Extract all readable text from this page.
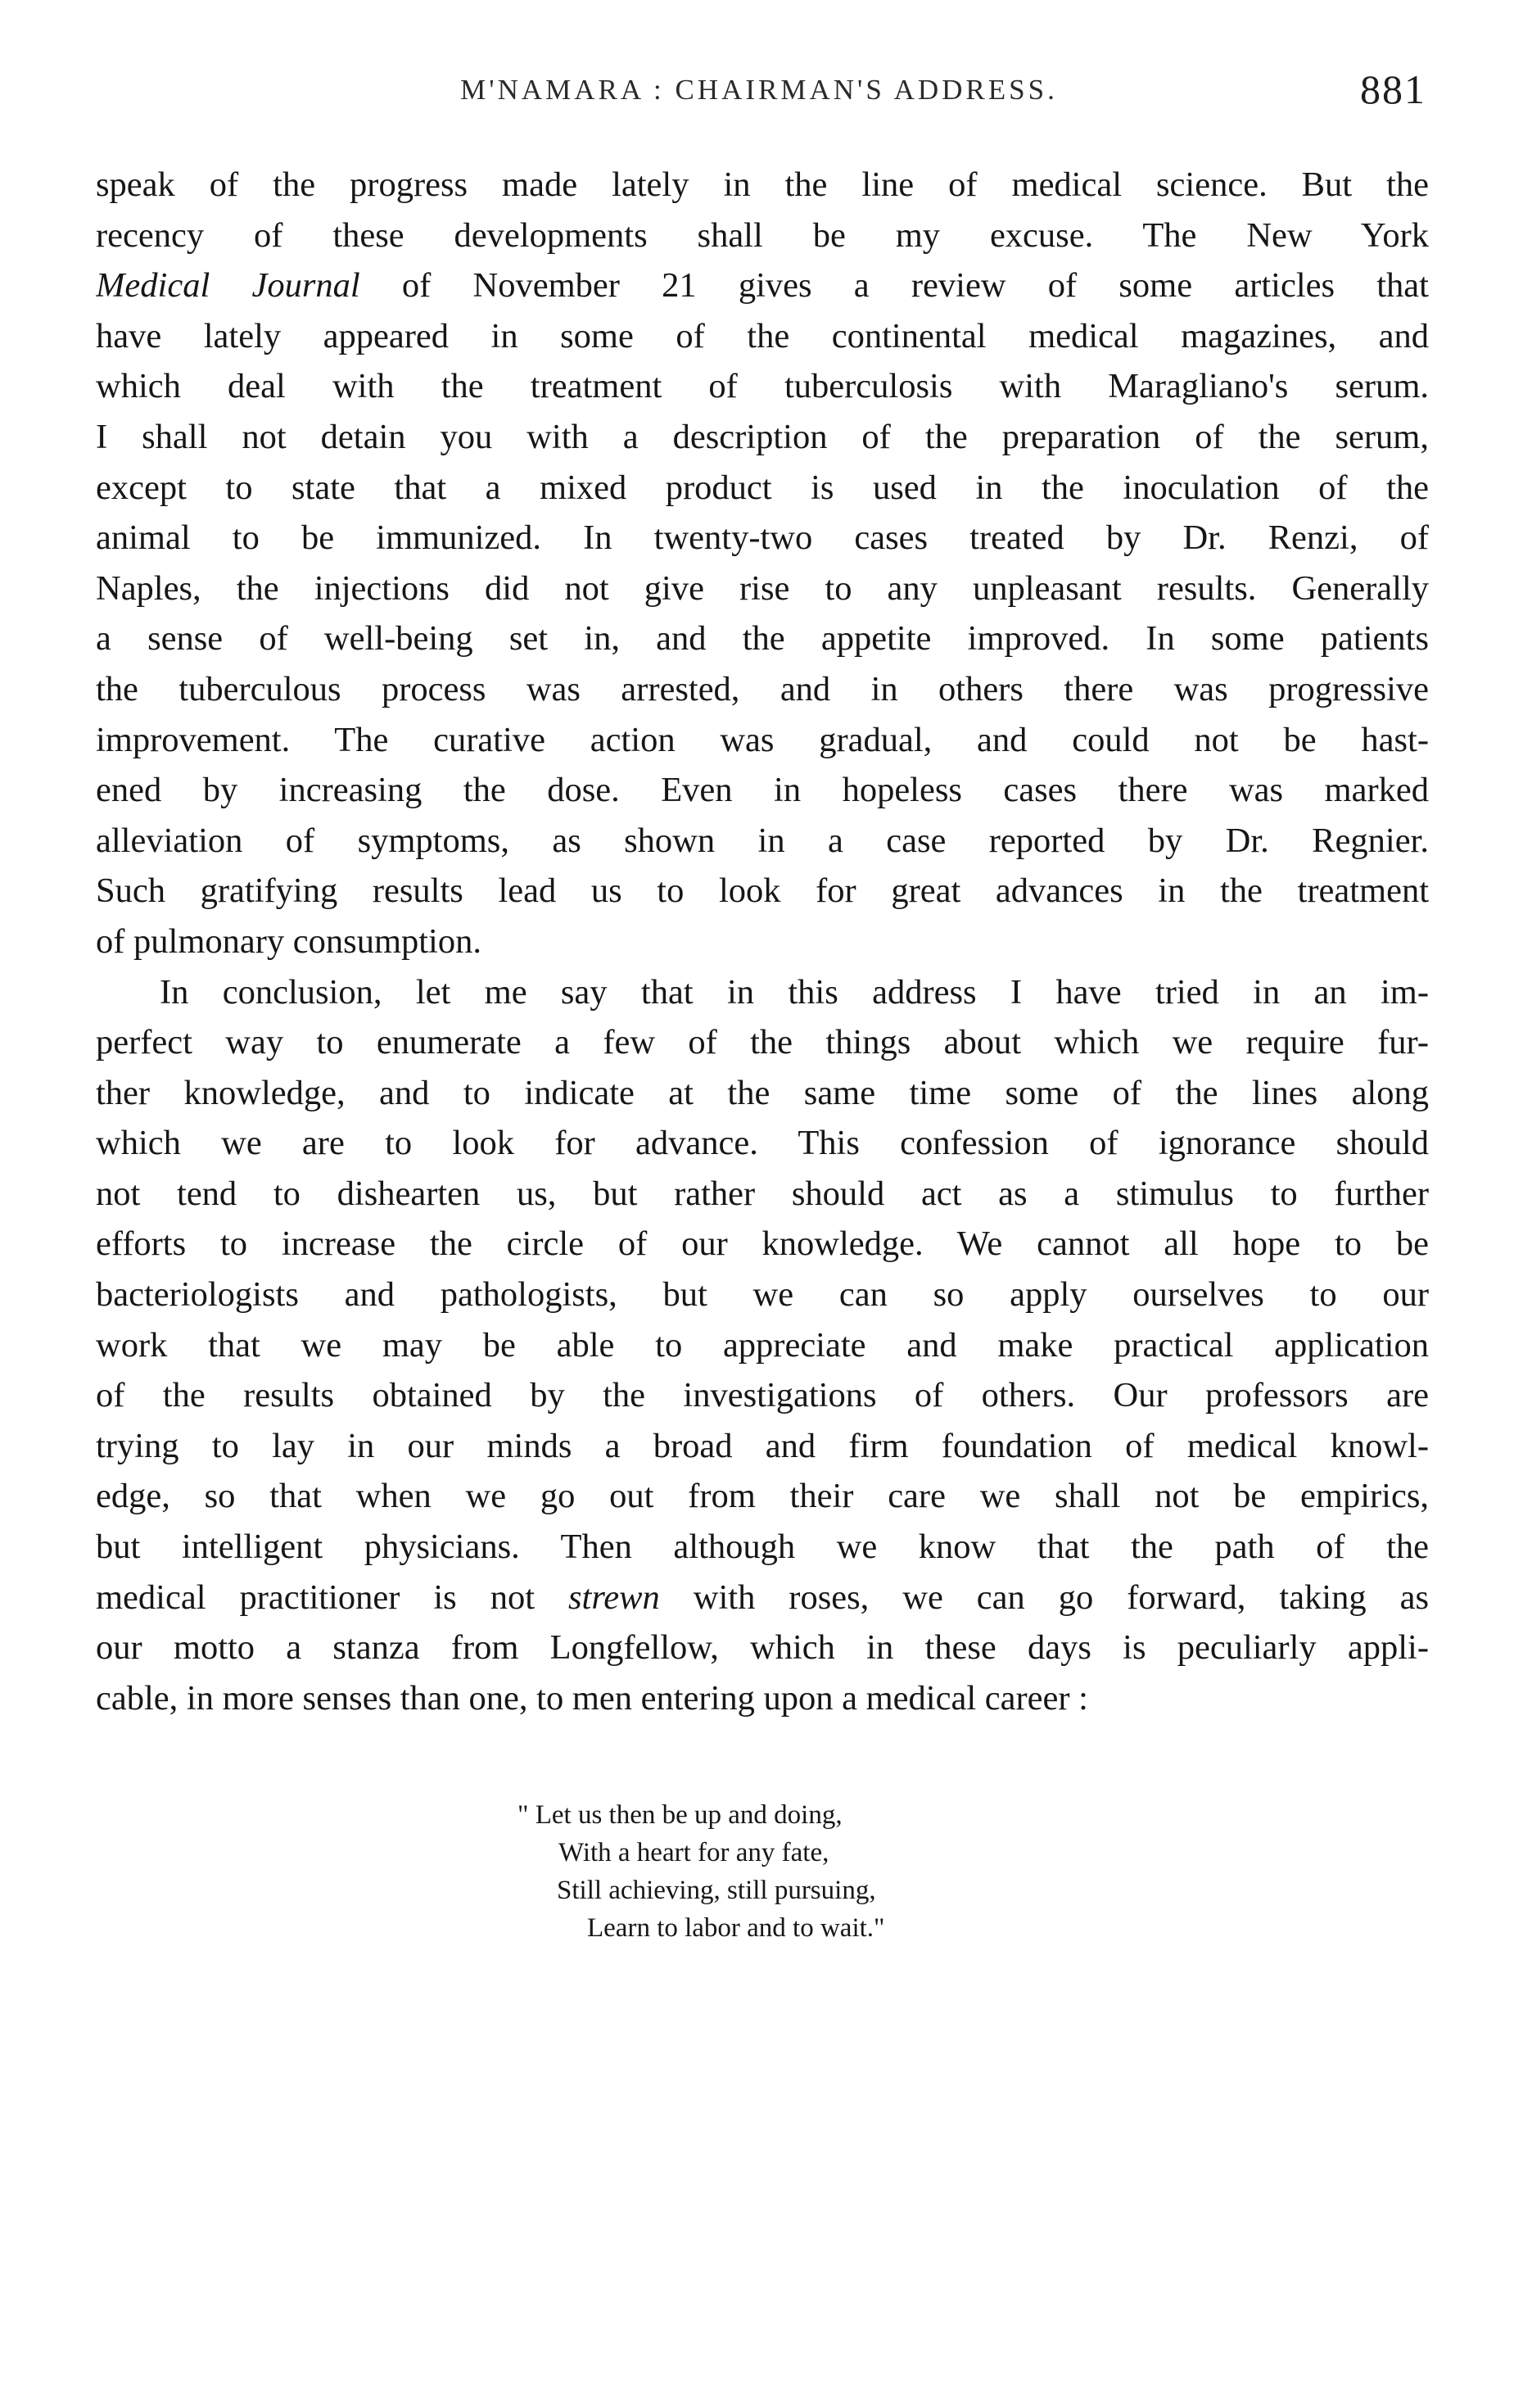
M'NAMARA : CHAIRMAN'S ADDRESS.	881
speak of the progress made lately in the line of medical science. But the
recency of these developments shall be my excuse. The New York
Medical Journal of November 21 gives a review of some articles that
have lately appeared in some of the continental medical magazines, and
which deal with the treatment of tuberculosis with Maragliano's serum.
I shall not detain you with a description of the preparation of the serum,
except to state that a mixed product is used in the inoculation of the
animal to be immunized. In twenty-two cases treated by Dr. Renzi, of
Naples, the injections did not give rise to any unpleasant results. Generally
a sense of well-being set in, and the appetite improved. In some patients
the tuberculous process was arrested, and in others there was progressive
improvement. The curative action was gradual, and could not be hast-
ened by increasing the dose. Even in hopeless cases there was marked
alleviation of symptoms, as shown in a case reported by Dr. Regnier.
Such gratifying results lead us to look for great advances in the treatment
of pulmonary consumption.
In conclusion, let me say that in this address I have tried in an im-
perfect way to enumerate a few of the things about which we require fur-
ther knowledge, and to indicate at the same time some of the lines along
which we are to look for advance. This confession of ignorance should
not tend to dishearten us, but rather should act as a stimulus to further
efforts to increase the circle of our knowledge. We cannot all hope to be
bacteriologists and pathologists, but we can so apply ourselves to our
work that we may be able to appreciate and make practical application
of the results obtained by the investigations of others. Our professors are
trying to lay in our minds a broad and firm foundation of medical knowl-
edge, so that when we go out from their care we shall not be empirics,
but intelligent physicians. Then although we know that the path of the
medical practitioner is not strewn with roses, we can go forward, taking as
our motto a stanza from Longfellow, which in these days is peculiarly appli-
cable, in more senses than one, to men entering upon a medical career :
" Let us then be up and doing,
With a heart for any fate,
Still achieving, still pursuing,
Learn to labor and to wait."
